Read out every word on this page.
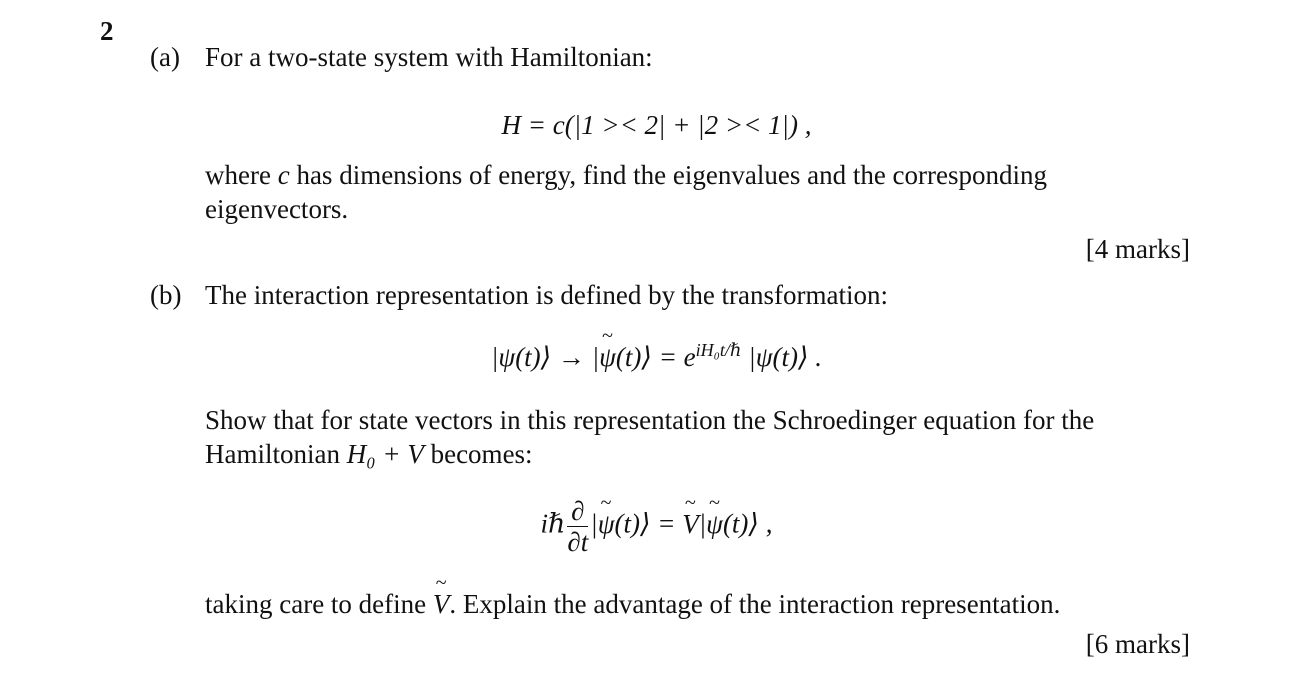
2
(a) For a two-state system with Hamiltonian:
H = c(|1 >< 2| + |2 >< 1|) ,
where c has dimensions of energy, find the eigenvalues and the corresponding
eigenvectors.
[4 marks]
(b) The interaction representation is defined by the transformation:
|ψ(t)⟩ → |ψ ~(t)⟩ = $e^{iH_0t/\hbar}$ |ψ(t)⟩ .
Show that for state vectors in this representation the Schroedinger equation for the
Hamiltonian H₀ + V becomes:
iℏ $\frac{\partial}{\partial t} |\psi$ ~(t)⟩ = V ~|ψ ~(t)⟩ ,
taking care to define V ~. Explain the advantage of the interaction representation.
[6 marks]
